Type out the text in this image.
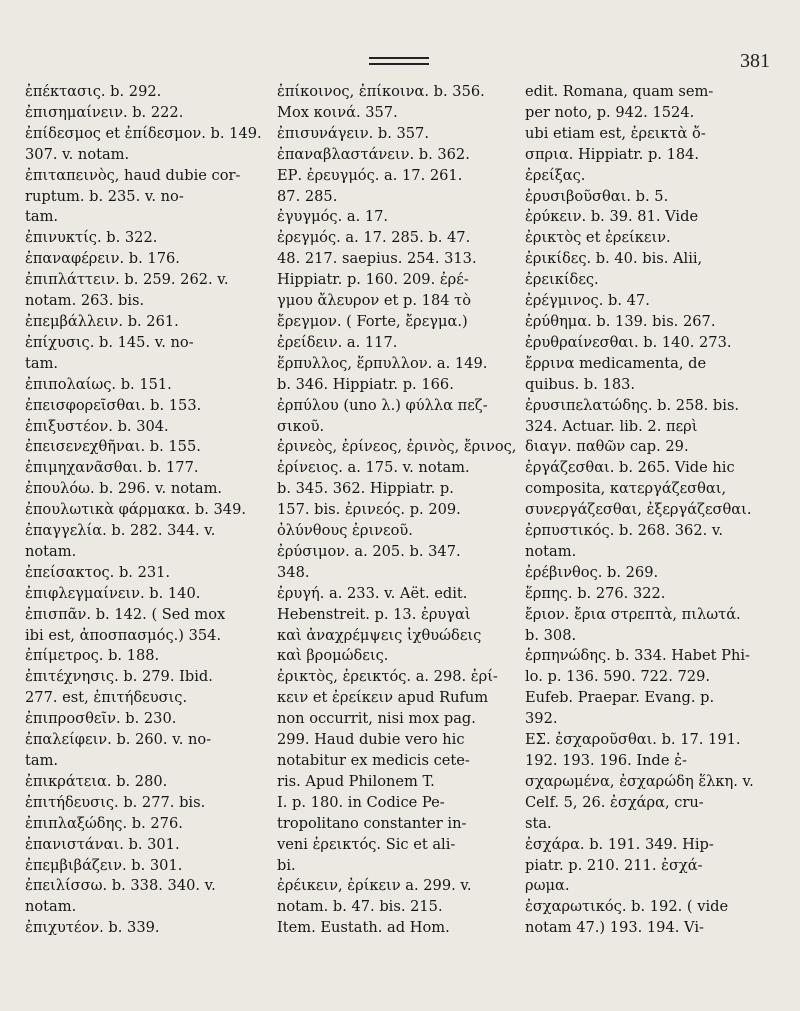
381
ἐπέκτασις. b. 292.
ἐπισημαίνειν. b. 222.
ἐπίδεσμος et ἐπίδεσμον. b. 149.
307. v. notam.
ἐπιταπεινὸς, haud dubie cor-
ruptum. b. 235. v. no-
tam.
ἐπινυκτίς. b. 322.
ἐπαναφέρειν. b. 176.
ἐπιπλάττειν. b. 259. 262. v.
notam. 263. bis.
ἐπεμβάλλειν. b. 261.
ἐπίχυσις. b. 145. v. no-
tam.
ἐπιπολαίως. b. 151.
ἐπεισφορεῖσθαι. b. 153.
ἐπιξυστέον. b. 304.
ἐπεισενεχθῆναι. b. 155.
ἐπιμηχανᾶσθαι. b. 177.
ἐπουλόω. b. 296. v. notam.
ἐπουλωτικὰ φάρμακα. b. 349.
ἐπαγγελία. b. 282. 344. v.
notam.
ἐπείσακτος. b. 231.
ἐπιφλεγμαίνειν. b. 140.
ἐπισπᾶν. b. 142. ( Sed mox
ibi est, ἀποσπασμός.) 354.
ἐπίμετρος. b. 188.
ἐπιτέχνησις. b. 279. Ibid.
277. est, ἐπιτήδευσις.
ἐπιπροσθεῖν. b. 230.
ἐπαλείφειν. b. 260. v. no-
tam.
ἐπικράτεια. b. 280.
ἐπιτήδευσις. b. 277. bis.
ἐπιπλαξώδης. b. 276.
ἐπανιστάναι. b. 301.
ἐπεμβιβάζειν. b. 301.
ἐπειλίσσω. b. 338. 340. v.
notam.
ἐπιχυτέον. b. 339.
ἐπίκοινος, ἐπίκοινα. b. 356.
Mox κοινά. 357.
ἐπισυνάγειν. b. 357.
ἐπαναβλαστάνειν. b. 362.
ΕΡ. ἐρευγμός. a. 17. 261.
87. 285.
ἐγυγμός. a. 17.
ἐρεγμός. a. 17. 285. b. 47.
48. 217. saepius. 254. 313.
Hippiatr. p. 160. 209. ἐρέ-
γμου ἄλευρον et p. 184 τὸ
ἔρεγμον. ( Forte, ἔρεγμα.)
ἐρείδειν. a. 117.
ἕρπυλλος, ἕρπυλλον. a. 149.
b. 346. Hippiatr. p. 166.
ἐρπύλου (uno λ.) φύλλα πεζ-
σικοῦ.
ἐρινεὸς, ἐρίνεος, ἐρινὸς, ἔρινος,
ἐρίνειος. a. 175. v. notam.
b. 345. 362. Hippiatr. p.
157. bis. ἐρινεός. p. 209.
ὀλύνθους ἐρινεοῦ.
ἐρύσιμον. a. 205. b. 347.
348.
ἐρυγή. a. 233. v. Aët. edit.
Hebenstreit. p. 13. ἐρυγαὶ
καὶ ἀναχρέμψεις ἰχθυώδεις
καὶ βρομώδεις.
ἐρικτὸς, ἐρεικτός. a. 298. ἐρί-
κειν et ἐρείκειν apud Rufum
non occurrit, nisi mox pag.
299. Haud dubie vero hic
notabitur ex medicis cete-
ris. Apud Philonem T.
I. p. 180. in Codice Pe-
tropolitano constanter in-
veni ἐρεικτός. Sic et ali-
bi.
ἐρέικειν, ἐρίκειν a. 299. v.
notam. b. 47. bis. 215.
Item. Eustath. ad Hom.
edit. Romana, quam sem-
per noto, p. 942. 1524.
ubi etiam est, ἐρεικτὰ ὄ-
σπρια. Hippiatr. p. 184.
ἐρείξας.
ἐρυσιβοῦσθαι. b. 5.
ἐρύκειν. b. 39. 81. Vide
ἐρικτὸς et ἐρείκειν.
ἐρικίδες. b. 40. bis. Alii,
ἐρεικίδες.
ἐρέγμινος. b. 47.
ἐρύθημα. b. 139. bis. 267.
ἐρυθραίνεσθαι. b. 140. 273.
ἔρρινα medicamenta, de
quibus. b. 183.
ἐρυσιπελατώδης. b. 258. bis.
324. Actuar. lib. 2. περὶ
διαγν. παθῶν cap. 29.
ἐργάζεσθαι. b. 265. Vide hic
composita, κατεργάζεσθαι,
συνεργάζεσθαι, ἐξεργάζεσθαι.
ἐρπυστικός. b. 268. 362. v.
notam.
ἐρέβινθος. b. 269.
ἕρπης. b. 276. 322.
ἔριον. ἔρια στρεπτὰ, πιλωτά.
b. 308.
ἑρπηνώδης. b. 334. Habet Phi-
lo. p. 136. 590. 722. 729.
Eufeb. Praepar. Evang. p.
392.
ΕΣ. ἐσχαροῦσθαι. b. 17. 191.
192. 193. 196. Inde ἐ-
σχαρωμένα, ἐσχαρώδη ἕλκη. v.
Celf. 5, 26. ἐσχάρα, cru-
sta.
ἐσχάρα. b. 191. 349. Hip-
piatr. p. 210. 211. ἐσχά-
ρωμα.
ἐσχαρωτικός. b. 192. ( vide
notam 47.) 193. 194. Vi-
